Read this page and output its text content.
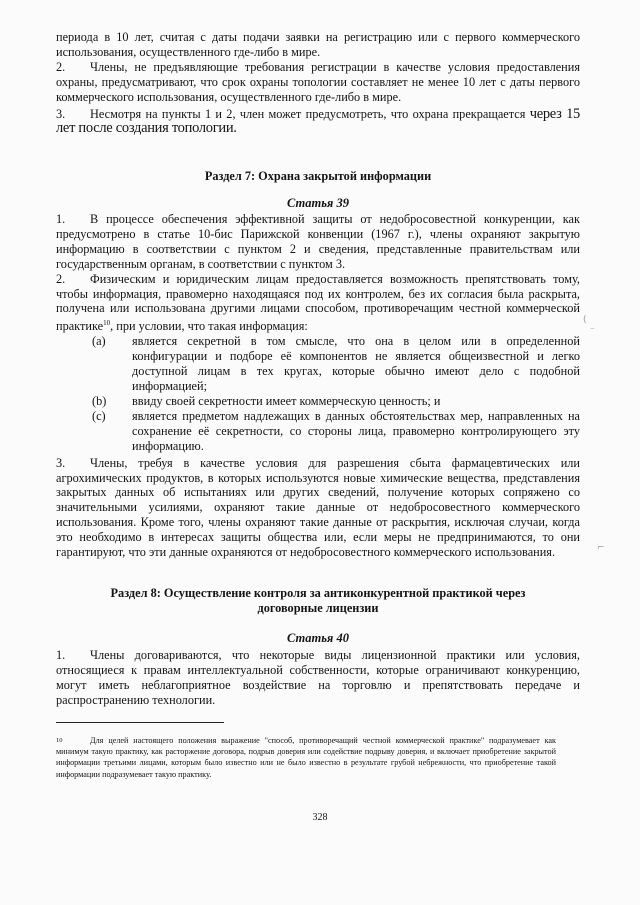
периода в 10 лет, считая с даты подачи заявки на регистрацию или с первого коммерческого использования, осуществленного где-либо в мире.

2. Члены, не предъявляющие требования регистрации в качестве условия предоставления охраны, предусматривают, что срок охраны топологии составляет не менее 10 лет с даты первого коммерческого использования, осуществленного где-либо в мире.

3. Несмотря на пункты 1 и 2, член может предусмотреть, что охрана прекращается через 15 лет после создания топологии.

Раздел 7: Охрана закрытой информации

Статья 39

1. В процессе обеспечения эффективной защиты от недобросовестной конкуренции, как предусмотрено в статье 10-бис Парижской конвенции (1967 г.), члены охраняют закрытую информацию в соответствии с пунктом 2 и сведения, представленные правительствам или государственным органам, в соответствии с пунктом 3.

2. Физическим и юридическим лицам предоставляется возможность препятствовать тому, чтобы информация, правомерно находящаяся под их контролем, без их согласия была раскрыта, получена или использована другими лицами способом, противоречащим честной коммерческой практике$^{10}$, при условии, что такая информация:

(a)	является секретной в том смысле, что она в целом или в определенной конфигурации и подборе её компонентов не является общеизвестной и легко доступной лицам в тех кругах, которые обычно имеют дело с подобной информацией;
(b)	ввиду своей секретности имеет коммерческую ценность; и
(c)	является предметом надлежащих в данных обстоятельствах мер, направленных на сохранение её секретности, со стороны лица, правомерно контролирующего эту информацию.

3. Члены, требуя в качестве условия для разрешения сбыта фармацевтических или агрохимических продуктов, в которых используются новые химические вещества, представления закрытых данных об испытаниях или других сведений, получение которых сопряжено со значительными усилиями, охраняют такие данные от недобросовестного коммерческого использования. Кроме того, члены охраняют такие данные от раскрытия, исключая случаи, когда это необходимо в интересах защиты общества или, если меры не предпринимаются, то они гарантируют, что эти данные охраняются от недобросовестного коммерческого использования.

Раздел 8: Осуществление контроля за антиконкурентной практикой через

договорные лицензии

Статья 40

1. Члены договариваются, что некоторые виды лицензионной практики или условия, относящиеся к правам интеллектуальной собственности, которые ограничивают конкуренцию, могут иметь неблагоприятное воздействие на торговлю и препятствовать передаче и распространению технологии.

10	Для целей настоящего положения выражение "способ, противоречащий честной коммерческой практике" подразумевает как минимум такую практику, как расторжение договора, подрыв доверия или содействие подрыву доверия, и включает приобретение закрытой информации третьими лицами, которым было известно или не было известно в результате грубой небрежности, что приобретение такой информации подразумевает такую практику.
328
(
⁻
⌐
